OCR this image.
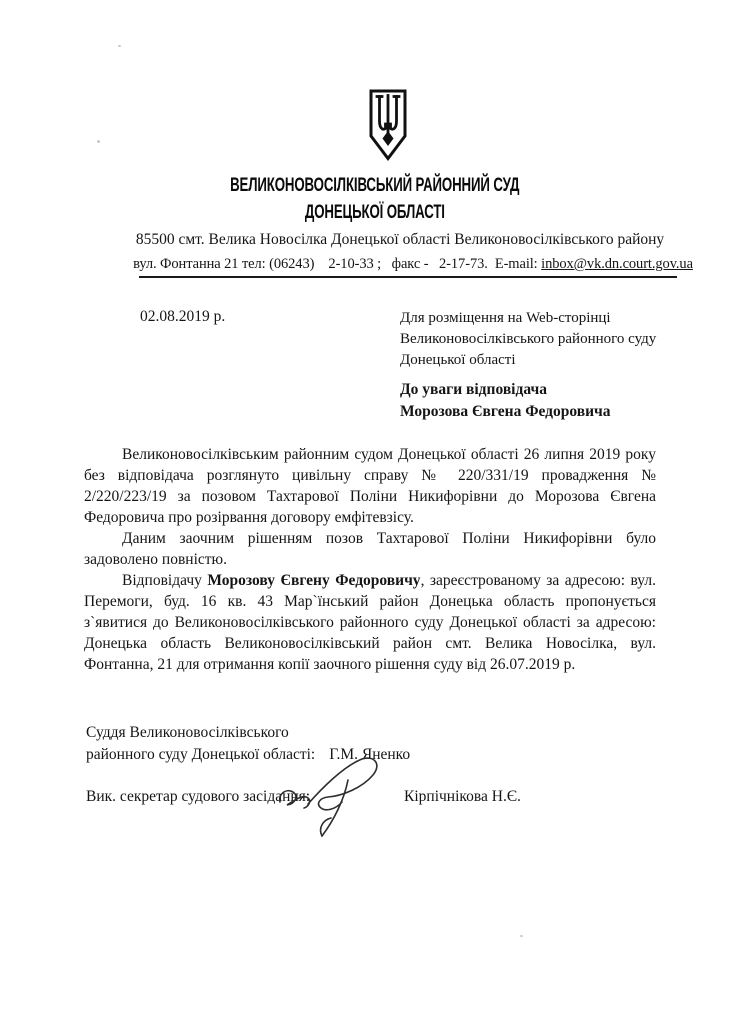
ВЕЛИКОНОВОСІЛКІВСЬКИЙ РАЙОННИЙ СУД
ДОНЕЦЬКОЇ ОБЛАСТІ
85500 смт. Велика Новосілка Донецької області Великоновосілківського району
вул. Фонтанна 21 тел: (06243)    2-10-33 ;   факс -   2-17-73.  E-mail: inbox@vk.dn.court.gov.ua
02.08.2019 р.	Для розміщення на Web-сторінці
Великоновосілківського районного суду
Донецької області
До уваги відповідача
Морозова Євгена Федоровича

Великоновосілківським районним судом Донецької області 26 липня 2019 року без відповідача розглянуто цивільну справу № 220/331/19 провадження № 2/220/223/19 за позовом Тахтарової Поліни Никифорівни до Морозова Євгена Федоровича про розірвання договору емфітевзісу.

Даним заочним рішенням позов Тахтарової Поліни Никифорівни було задоволено повністю.

Відповідачу Морозову Євгену Федоровичу, зареєстрованому за адресою: вул. Перемоги, буд. 16 кв. 43 Мар`їнський район Донецька область пропонується з`явитися до Великоновосілківського районного суду Донецької області за адресою: Донецька область Великоновосілківський район смт. Велика Новосілка, вул. Фонтанна, 21 для отримання копії заочного рішення суду від 26.07.2019 р.

Суддя Великоновосілківського
районного суду Донецької області: Г.М. Яненко
Вик. секретар судового засідання:	Кірпічнікова Н.Є.
